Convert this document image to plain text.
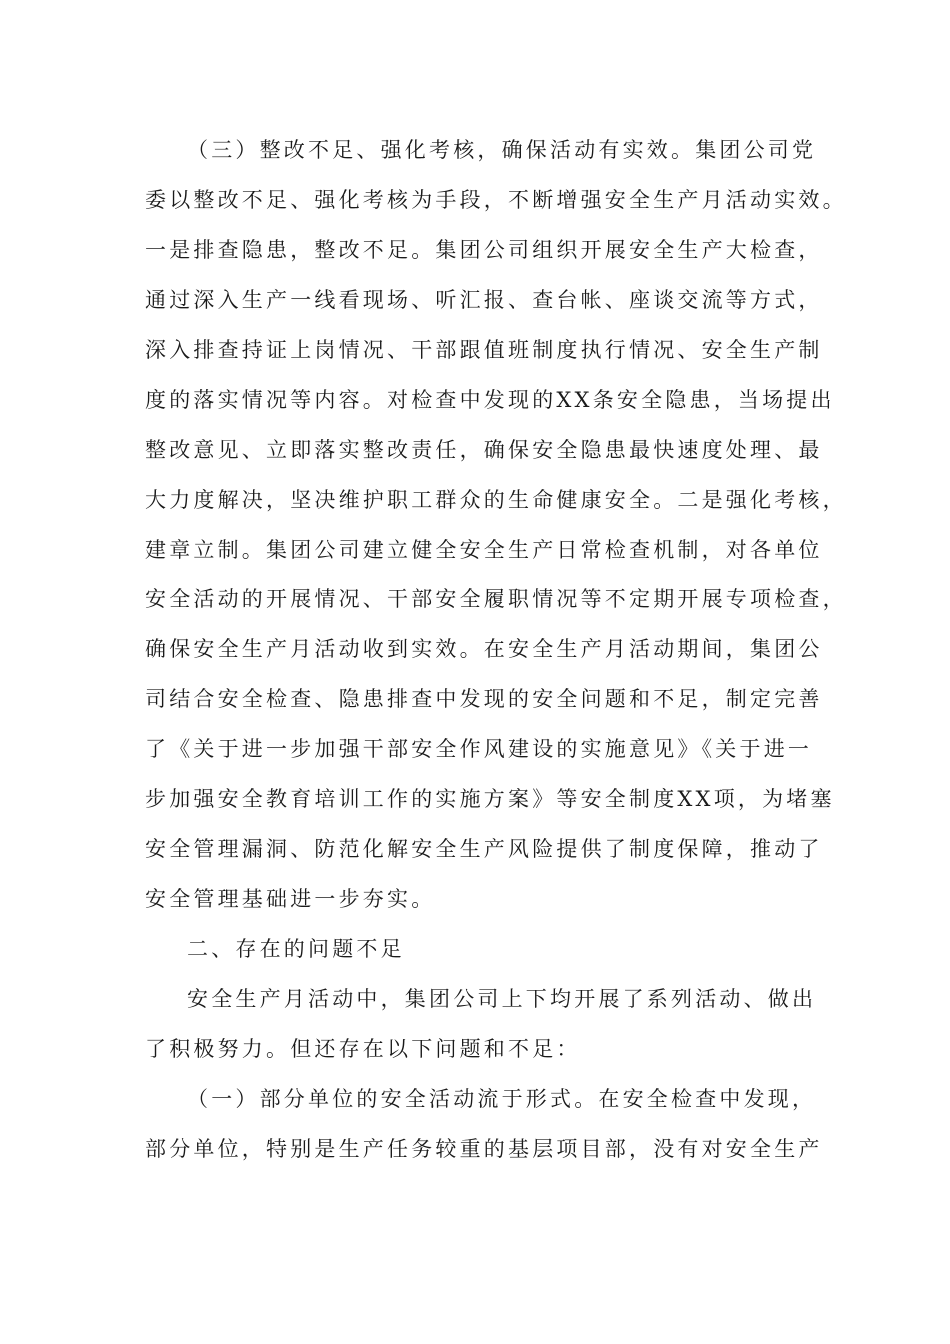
（三）整改不足、强化考核，确保活动有实效。集团公司党
委以整改不足、强化考核为手段，不断增强安全生产月活动实效。
一是排查隐患，整改不足。集团公司组织开展安全生产大检查，
通过深入生产一线看现场、听汇报、查台帐、座谈交流等方式，
深入排查持证上岗情况、干部跟值班制度执行情况、安全生产制
度的落实情况等内容。对检查中发现的XX条安全隐患，当场提出
整改意见、立即落实整改责任，确保安全隐患最快速度处理、最
大力度解决，坚决维护职工群众的生命健康安全。二是强化考核，
建章立制。集团公司建立健全安全生产日常检查机制，对各单位
安全活动的开展情况、干部安全履职情况等不定期开展专项检查，
确保安全生产月活动收到实效。在安全生产月活动期间，集团公
司结合安全检查、隐患排查中发现的安全问题和不足，制定完善
了《关于进一步加强干部安全作风建设的实施意见》《关于进一
步加强安全教育培训工作的实施方案》等安全制度XX项，为堵塞
安全管理漏洞、防范化解安全生产风险提供了制度保障，推动了
安全管理基础进一步夯实。
二、存在的问题不足
安全生产月活动中，集团公司上下均开展了系列活动、做出
了积极努力。但还存在以下问题和不足：
（一）部分单位的安全活动流于形式。在安全检查中发现，
部分单位，特别是生产任务较重的基层项目部，没有对安全生产
